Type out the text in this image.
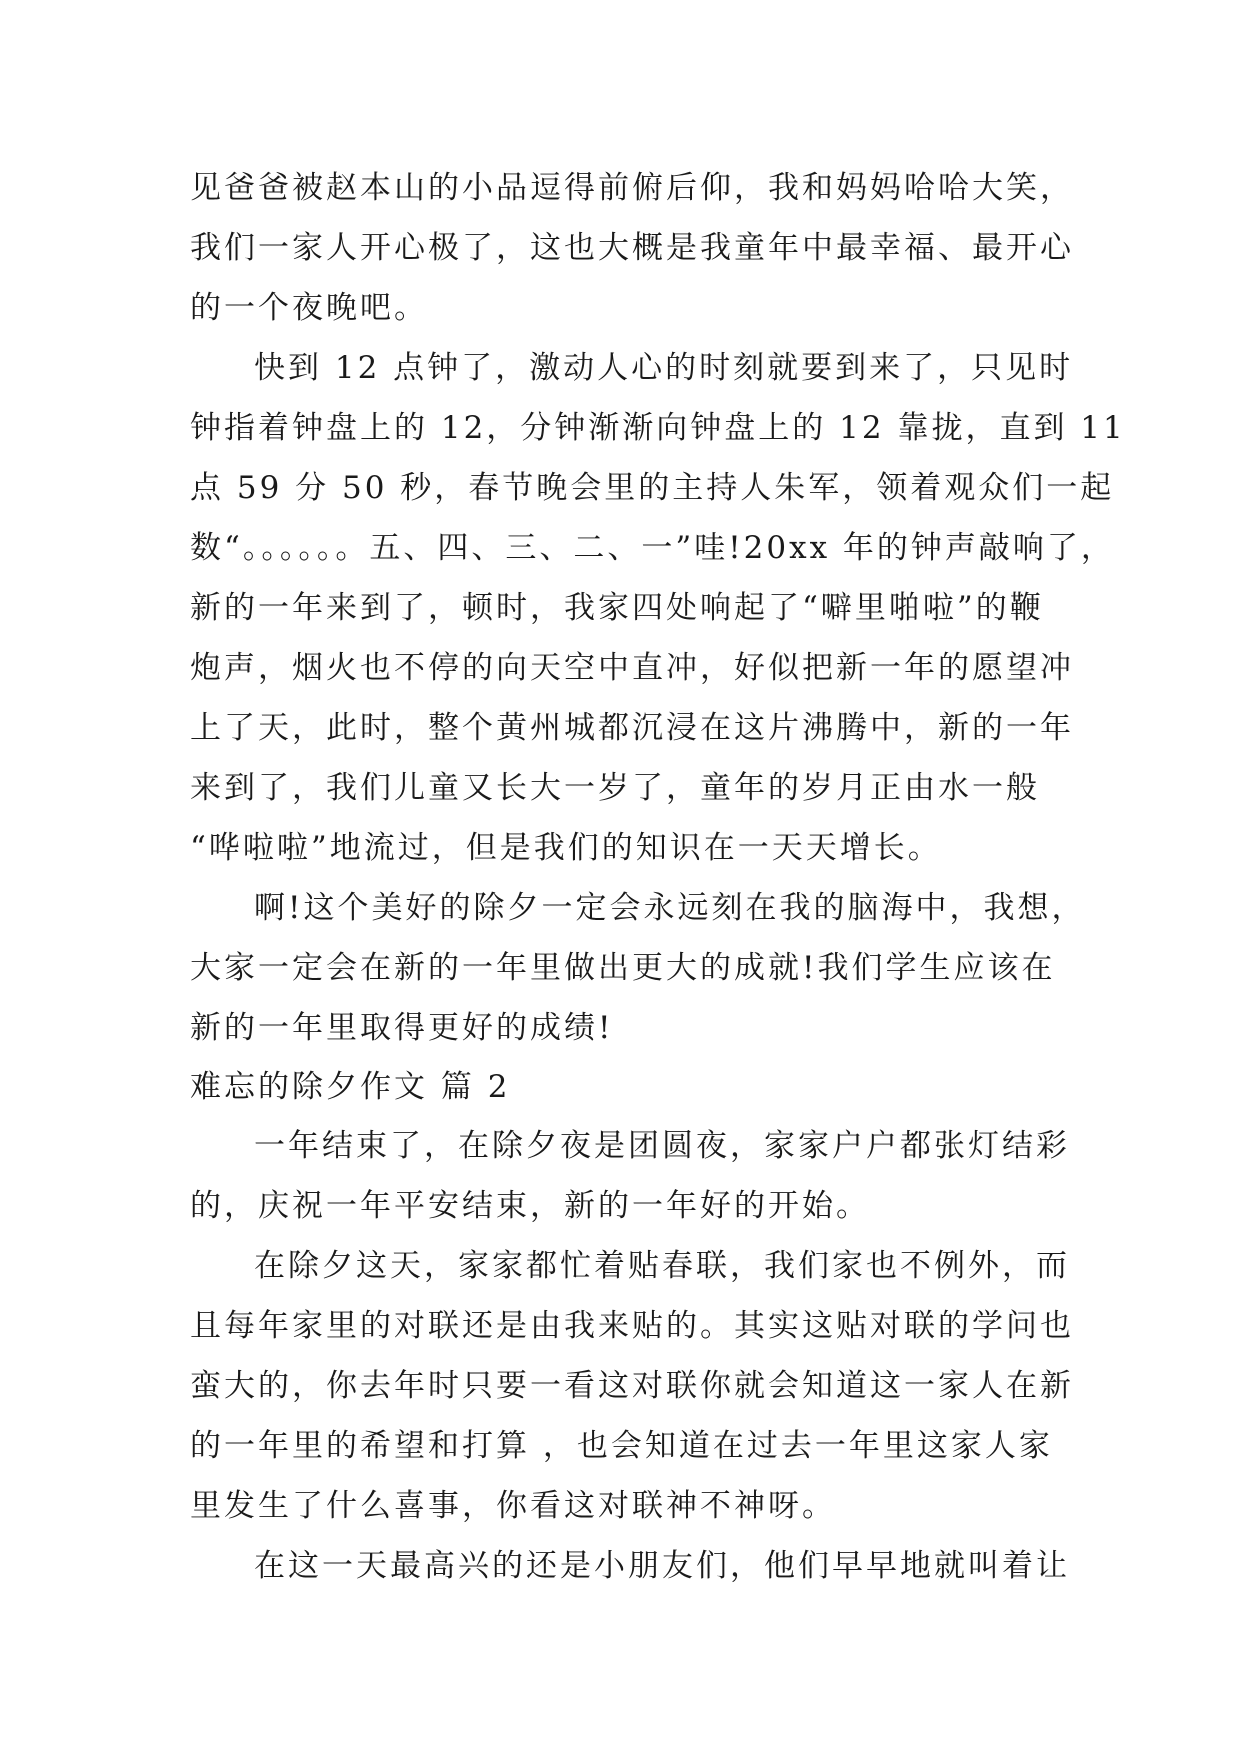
见爸爸被赵本山的小品逗得前俯后仰，我和妈妈哈哈大笑，
我们一家人开心极了，这也大概是我童年中最幸福、最开心
的一个夜晚吧。
快到 12 点钟了，激动人心的时刻就要到来了，只见时
钟指着钟盘上的 12，分钟渐渐向钟盘上的 12 靠拢，直到 11
点 59 分 50 秒，春节晚会里的主持人朱军，领着观众们一起
数“。。。。。。五、四、三、二、一”哇!20xx 年的钟声敲响了，
新的一年来到了，顿时，我家四处响起了“噼里啪啦”的鞭
炮声，烟火也不停的向天空中直冲，好似把新一年的愿望冲
上了天，此时，整个黄州城都沉浸在这片沸腾中，新的一年
来到了，我们儿童又长大一岁了，童年的岁月正由水一般
“哗啦啦”地流过，但是我们的知识在一天天增长。
啊!这个美好的除夕一定会永远刻在我的脑海中，我想，
大家一定会在新的一年里做出更大的成就!我们学生应该在
新的一年里取得更好的成绩!
难忘的除夕作文 篇 2
一年结束了，在除夕夜是团圆夜，家家户户都张灯结彩
的，庆祝一年平安结束，新的一年好的开始。
在除夕这天，家家都忙着贴春联，我们家也不例外，而
且每年家里的对联还是由我来贴的。其实这贴对联的学问也
蛮大的，你去年时只要一看这对联你就会知道这一家人在新
的一年里的希望和打算 ，也会知道在过去一年里这家人家
里发生了什么喜事，你看这对联神不神呀。
在这一天最高兴的还是小朋友们，他们早早地就叫着让
